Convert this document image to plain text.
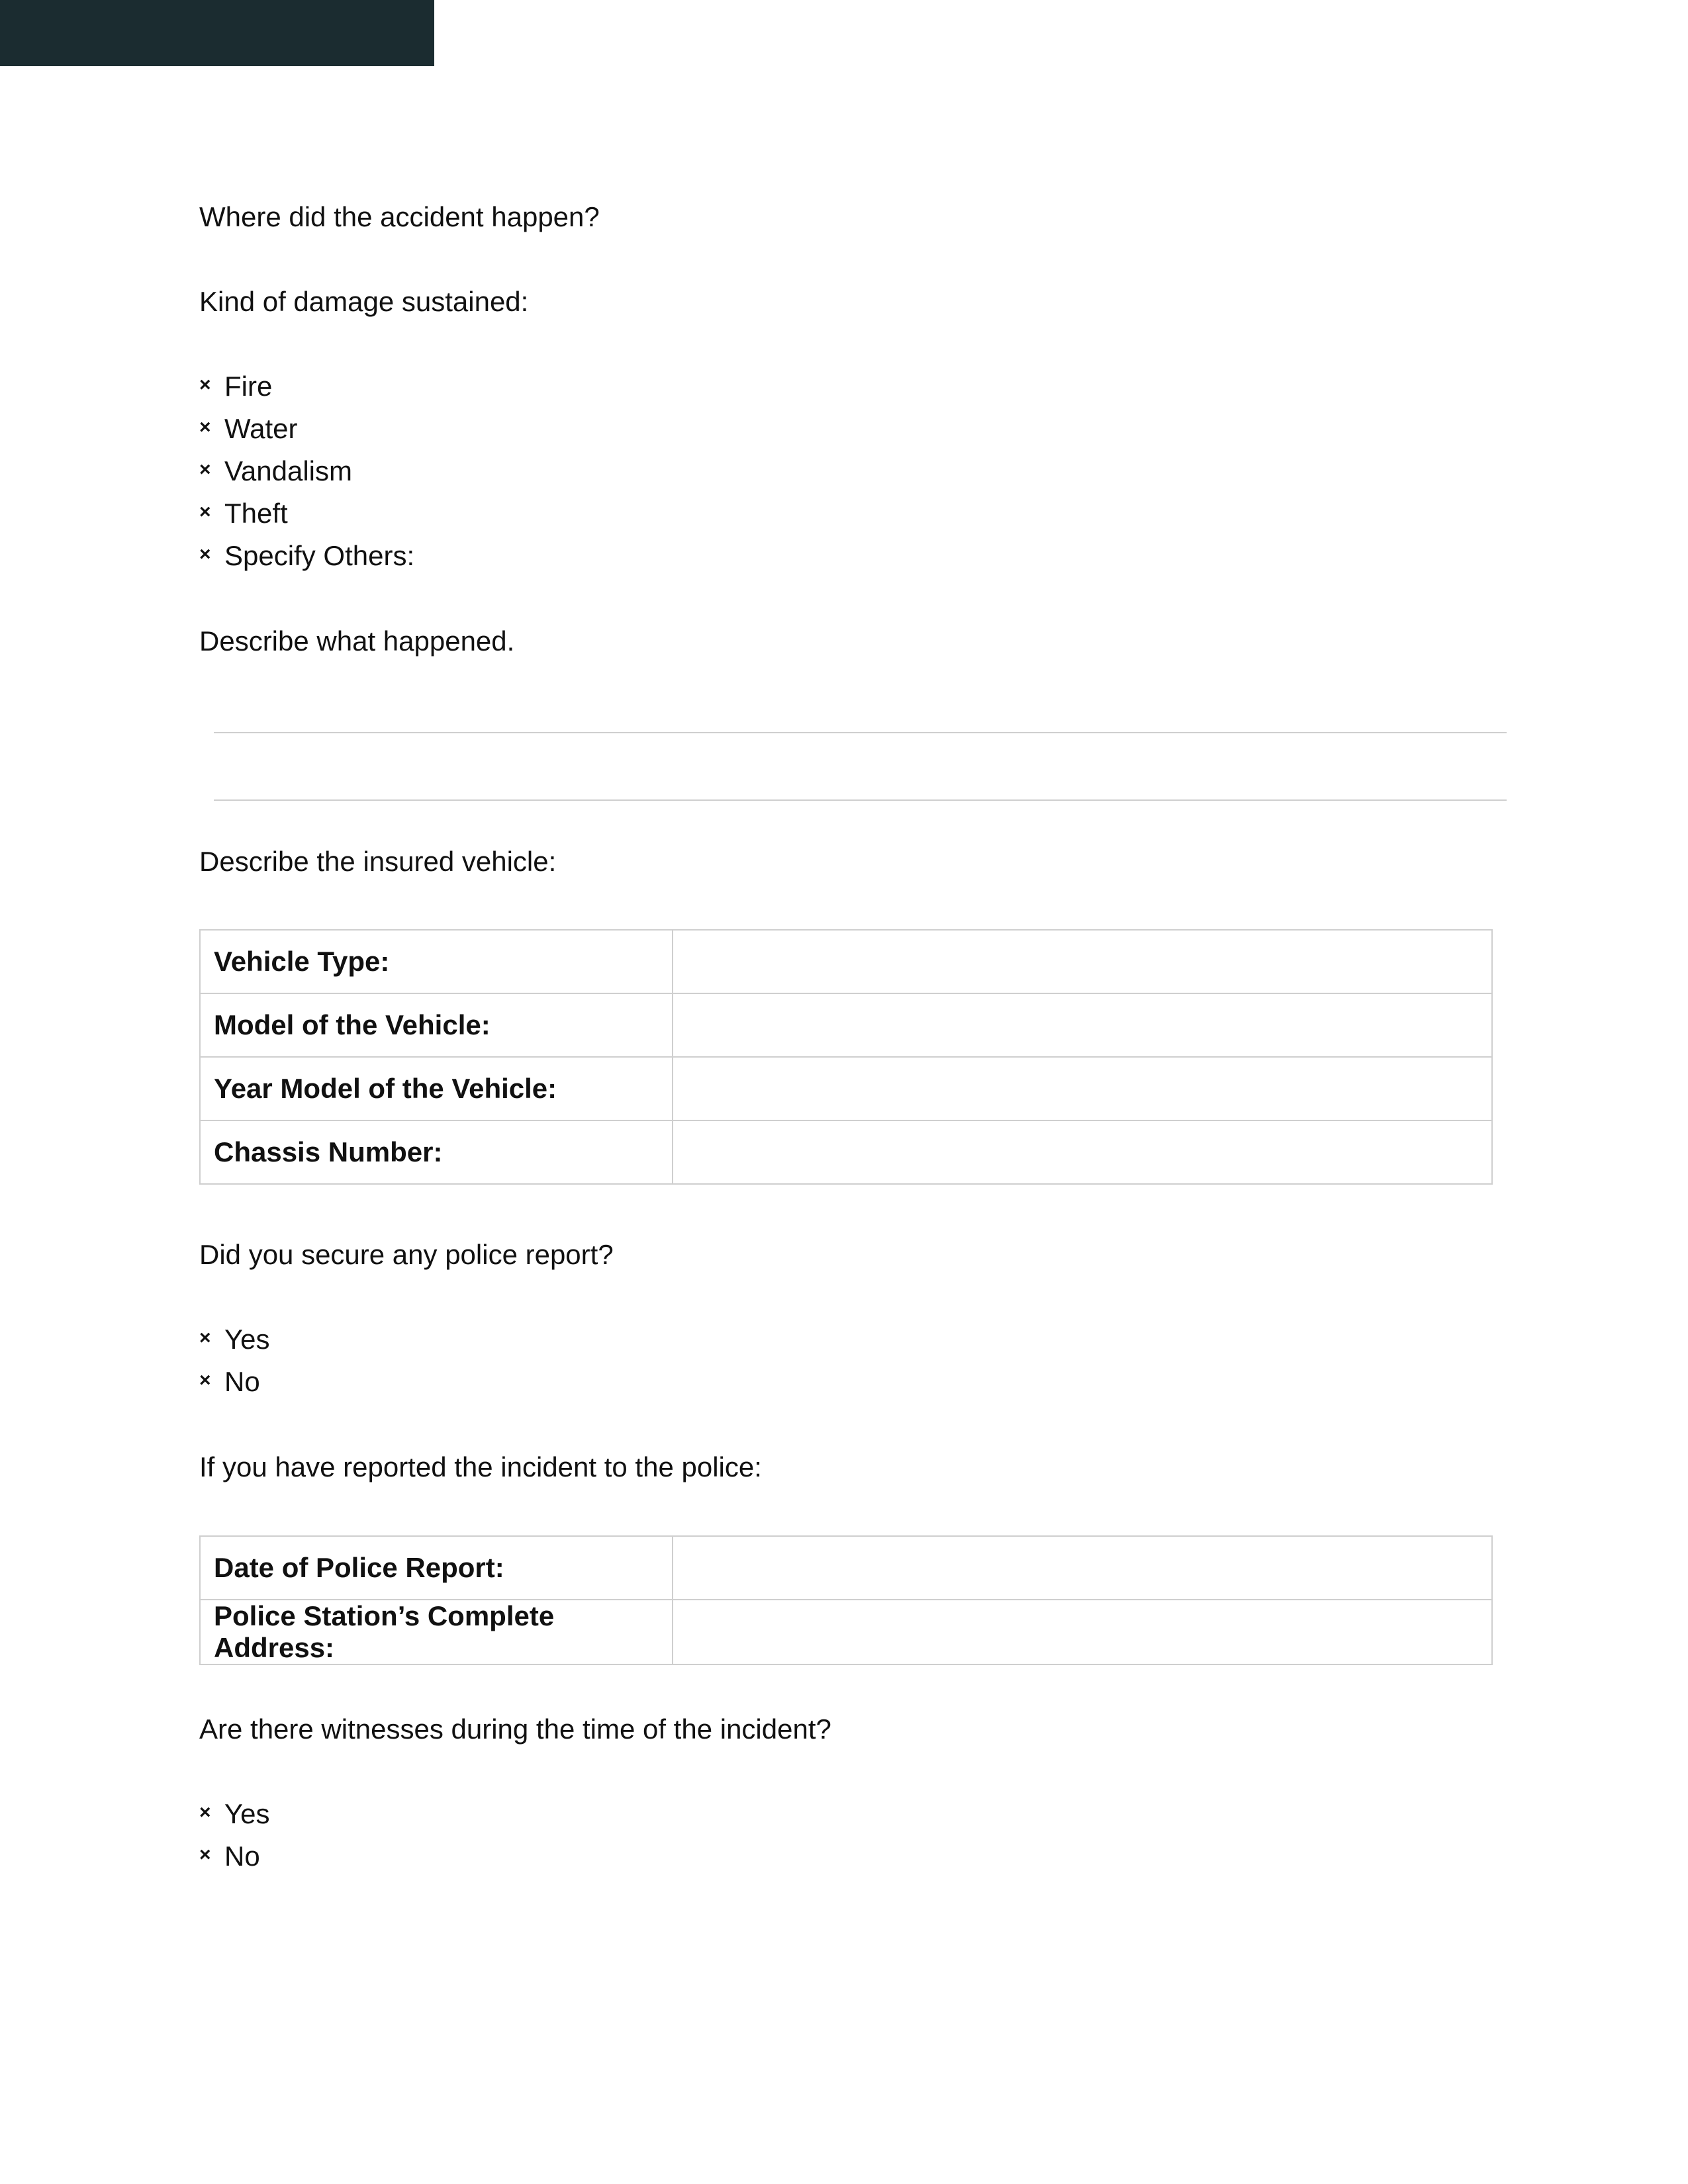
Where did the accident happen?
Kind of damage sustained:
× Fire
× Water
× Vandalism
× Theft
× Specify Others:
Describe what happened.
Describe the insured vehicle:
Vehicle Type:	
Model of the Vehicle:	
Year Model of the Vehicle:	
Chassis Number:	
Did you secure any police report?
× Yes
× No
If you have reported the incident to the police:
Date of Police Report:	
Police Station’s Complete Address:	
Are there witnesses during the time of the incident?
× Yes
× No
